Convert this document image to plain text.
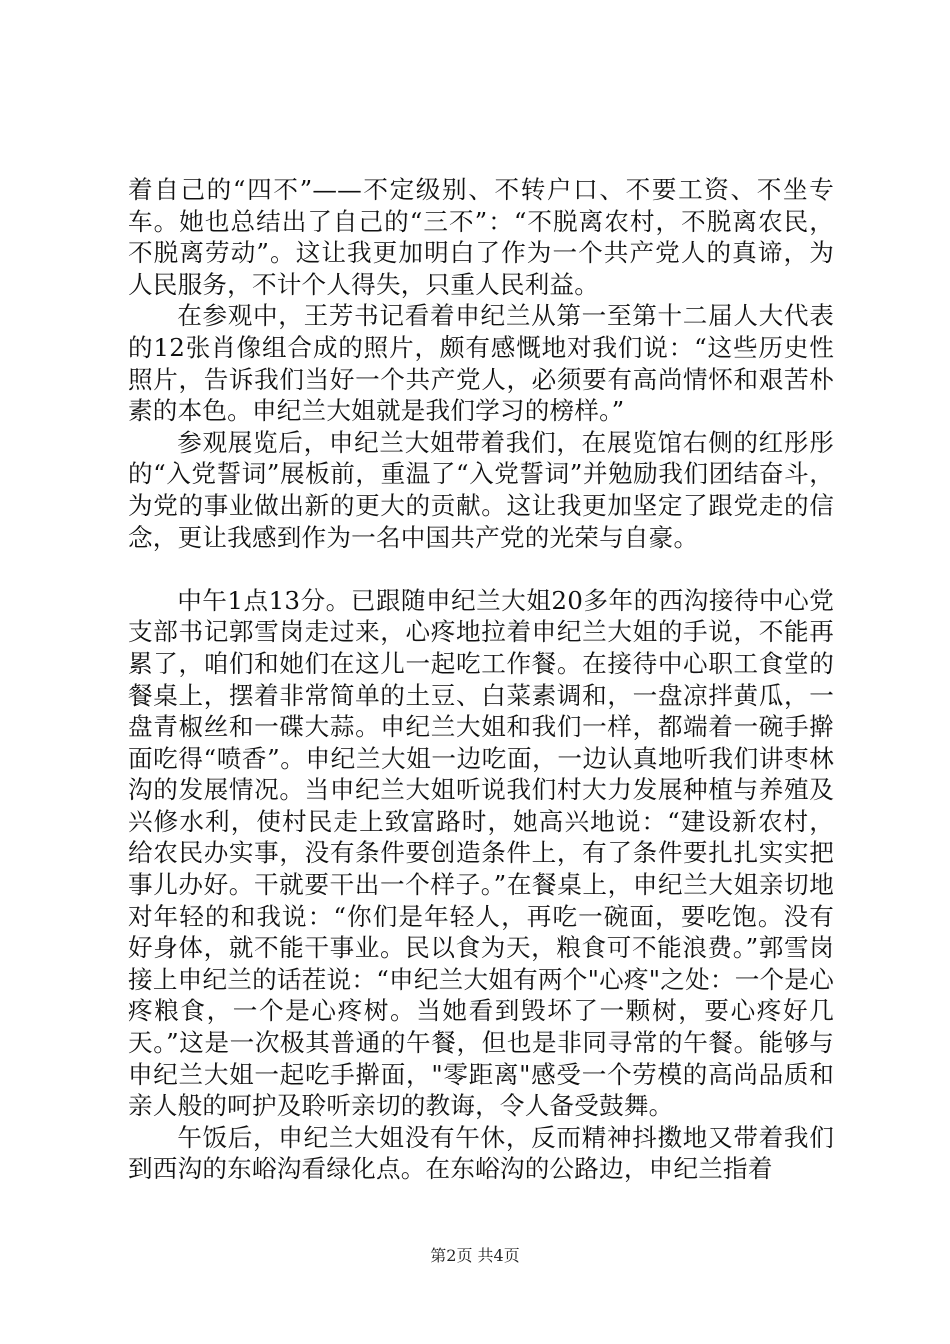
着自己的“四不”——不定级别、不转户口、不要工资、不坐专车。她也总结出了自己的“三不”：“不脱离农村，不脱离农民，不脱离劳动”。这让我更加明白了作为一个共产党人的真谛，为人民服务，不计个人得失，只重人民利益。

在参观中，王芳书记看着申纪兰从第一至第十二届人大代表的12张肖像组合成的照片，颇有感慨地对我们说：“这些历史性照片，告诉我们当好一个共产党人，必须要有高尚情怀和艰苦朴素的本色。申纪兰大姐就是我们学习的榜样。”

参观展览后，申纪兰大姐带着我们，在展览馆右侧的红彤彤的“入党誓词”展板前，重温了“入党誓词”并勉励我们团结奋斗，为党的事业做出新的更大的贡献。这让我更加坚定了跟党走的信念，更让我感到作为一名中国共产党的光荣与自豪。

中午1点13分。已跟随申纪兰大姐20多年的西沟接待中心党支部书记郭雪岗走过来，心疼地拉着申纪兰大姐的手说，不能再累了，咱们和她们在这儿一起吃工作餐。在接待中心职工食堂的餐桌上，摆着非常简单的土豆、白菜素调和，一盘凉拌黄瓜，一盘青椒丝和一碟大蒜。申纪兰大姐和我们一样，都端着一碗手擀面吃得“喷香”。申纪兰大姐一边吃面，一边认真地听我们讲枣林沟的发展情况。当申纪兰大姐听说我们村大力发展种植与养殖及兴修水利，使村民走上致富路时，她高兴地说：“建设新农村，给农民办实事，没有条件要创造条件上，有了条件要扎扎实实把事儿办好。干就要干出一个样子。”在餐桌上，申纪兰大姐亲切地对年轻的和我说：“你们是年轻人，再吃一碗面，要吃饱。没有好身体，就不能干事业。民以食为天，粮食可不能浪费。”郭雪岗接上申纪兰的话茬说：“申纪兰大姐有两个"心疼"之处：一个是心疼粮食，一个是心疼树。当她看到毁坏了一颗树，要心疼好几天。”这是一次极其普通的午餐，但也是非同寻常的午餐。能够与申纪兰大姐一起吃手擀面，"零距离"感受一个劳模的高尚品质和亲人般的呵护及聆听亲切的教诲，令人备受鼓舞。

午饭后，申纪兰大姐没有午休，反而精神抖擞地又带着我们到西沟的东峪沟看绿化点。在东峪沟的公路边，申纪兰指着

第2页 共4页
